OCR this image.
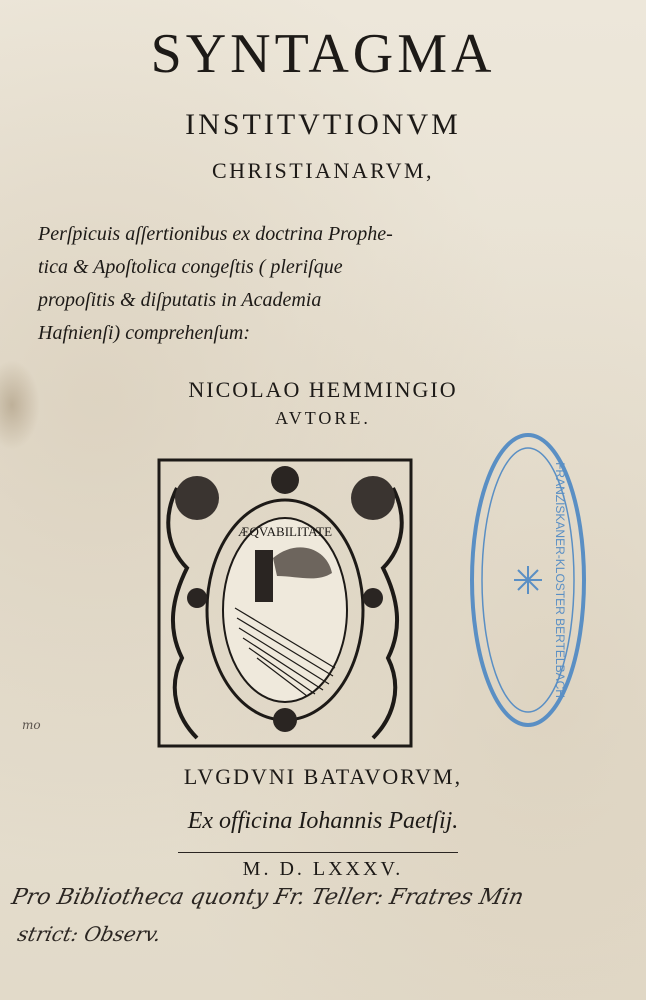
SYNTAGMA
INSTITVTIONVM
CHRISTIANARVM,
Perſpicuis aſſertionibus ex doctrina Prophe-
tica & Apoſtolica congeſtis ( pleriſque
propoſitis & diſputatis in Academia
Hafnienſi) comprehenſum:
NICOLAO HEMMINGIO
AVTORE.
ÆQVABILITATE	FRANZISKANER-KLOSTER BERTELBACH
mo
LVGDVNI BATAVORVM,
Ex officina Iohannis Paetſij.
M. D. LXXXV.
Pro Bibliotheca quonty Fr. Teller: Fratres Min
strict: Observ.
